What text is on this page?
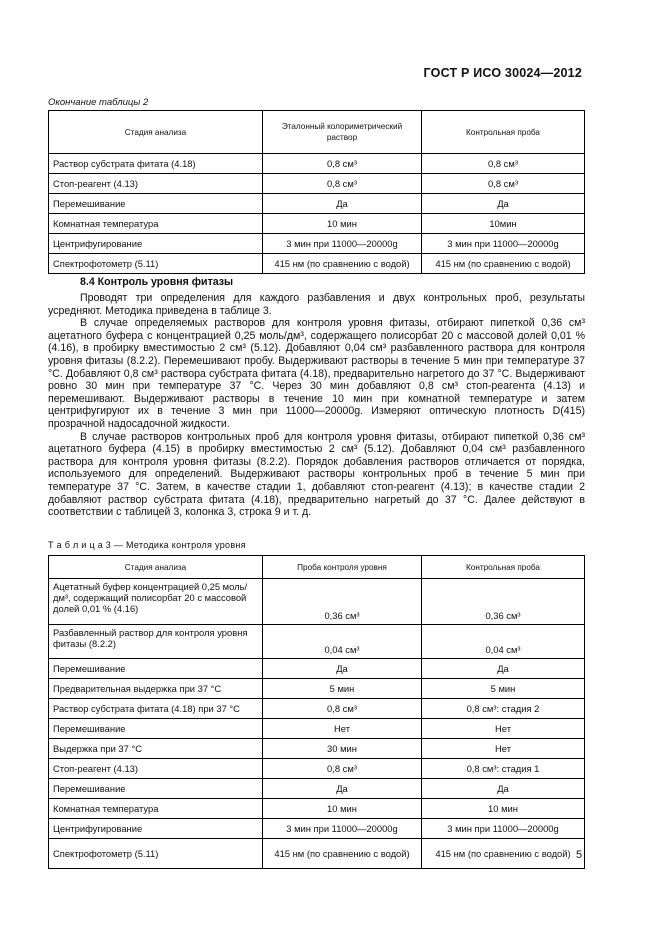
ГОСТ Р ИСО 30024—2012
Окончание таблицы 2
Стадия анализа	Эталонный колориметрический раствор	Контрольная проба
Раствор субстрата фитата (4.18)	0,8 см³	0,8 см³
Стоп-реагент (4.13)	0,8 см³	0,8 см³
Перемешивание	Да	Да
Комнатная температура	10 мин	10мин
Центрифугирование	3 мин при 11000—20000g	3 мин при 11000—20000g
Спектрофотометр (5.11)	415 нм (по сравнению с водой)	415 нм (по сравнению с водой)
8.4 Контроль уровня фитазы

Проводят три определения для каждого разбавления и двух контрольных проб, результаты усредняют. Методика приведена в таблице 3.

В случае определяемых растворов для контроля уровня фитазы, отбирают пипеткой 0,36 см³ ацетатного буфера с концентрацией 0,25 моль/дм³, содержащего полисорбат 20 с массовой долей 0,01 % (4.16), в пробирку вместимостью 2 см³ (5.12). Добавляют 0,04 см³ разбавленного раствора для контроля уровня фитазы (8.2.2). Перемешивают пробу. Выдерживают растворы в течение 5 мин при температуре 37 °С. Добавляют 0,8 см³ раствора субстрата фитата (4.18), предварительно нагретого до 37 °С. Выдерживают ровно 30 мин при температуре 37 °С. Через 30 мин добавляют 0,8 см³ стоп-реагента (4.13) и перемешивают. Выдерживают растворы в течение 10 мин при комнатной температуре и затем центрифугируют их в течение 3 мин при 11000—20000g. Измеряют оптическую плотность D(415) прозрачной надосадочной жидкости.

В случае растворов контрольных проб для контроля уровня фитазы, отбирают пипеткой 0,36 см³ ацетатного буфера (4.15) в пробирку вместимостью 2 см³ (5.12). Добавляют 0,04 см³ разбавленного раствора для контроля уровня фитазы (8.2.2). Порядок добавления растворов отличается от порядка, используемого для определений. Выдерживают растворы контрольных проб в течение 5 мин при температуре 37 °С. Затем, в качестве стадии 1, добавляют стоп-реагент (4.13); в качестве стадии 2 добавляют раствор субстрата фитата (4.18), предварительно нагретый до 37 °С. Далее действуют в соответствии с таблицей 3, колонка 3, строка 9 и т. д.

Т а б л и ц а 3 — Методика контроля уровня
Стадия анализа	Проба контроля уровня	Контрольная проба
Ацетатный буфер концентрацией 0,25 моль/дм³, содержащий полисорбат 20 с массовой долей 0,01 % (4.16)	0,36 см³	0,36 см³
Разбавленный раствор для контроля уровня фитазы (8.2.2)	0,04 см³	0,04 см³
Перемешивание	Да	Да
Предварительная выдержка при 37 °С	5 мин	5 мин
Раствор субстрата фитата (4.18) при 37 °С	0,8 см³	0,8 см³: стадия 2
Перемешивание	Нет	Нет
Выдержка при 37 °С	30 мин	Нет
Стоп-реагент (4.13)	0,8 см³	0,8 см³: стадия 1
Перемешивание	Да	Да
Комнатная температура	10 мин	10 мин
Центрифугирование	3 мин при 11000—20000g	3 мин при 11000—20000g
Спектрофотометр (5.11)	415 нм (по сравнению с водой)	415 нм (по сравнению с водой) 5
